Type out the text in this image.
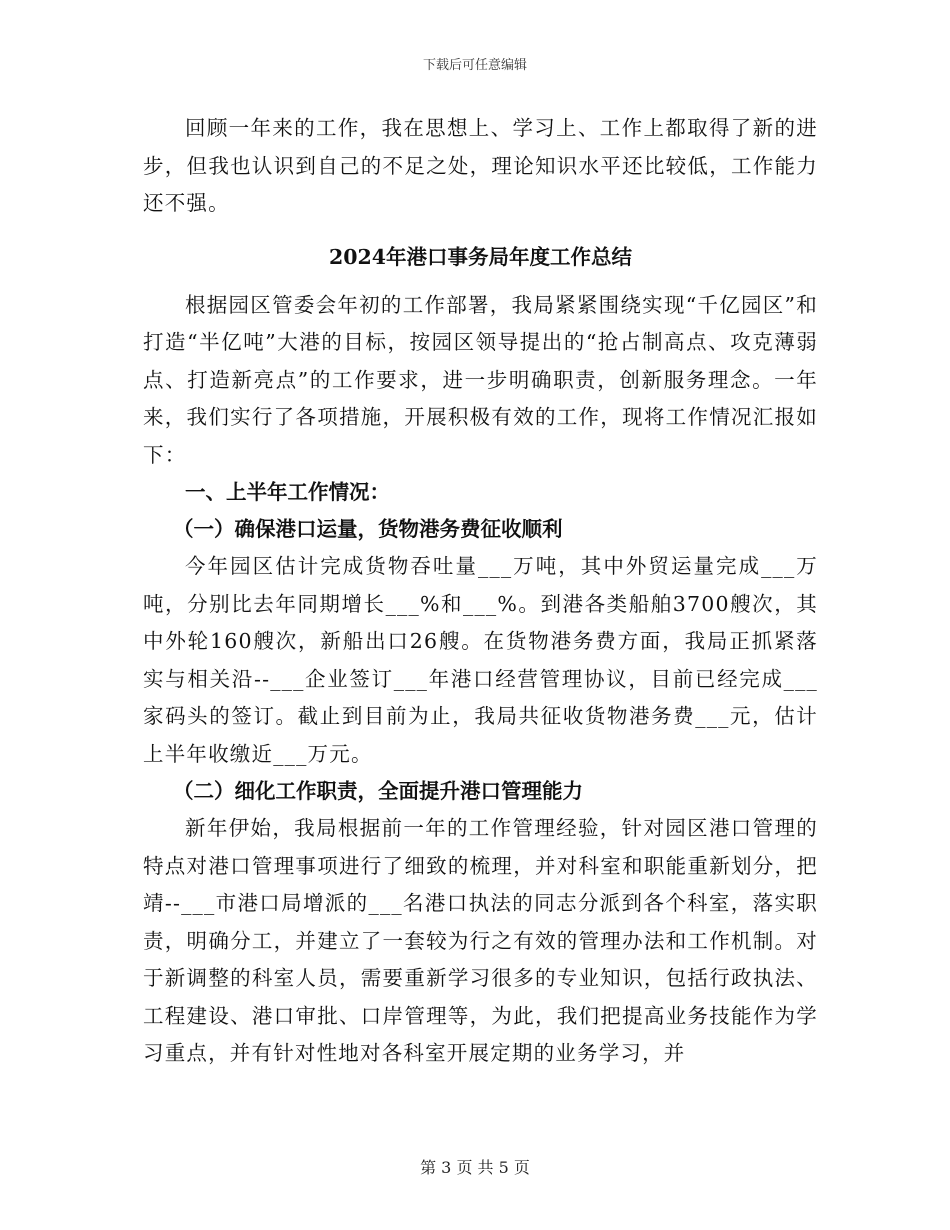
下载后可任意编辑

回顾一年来的工作，我在思想上、学习上、工作上都取得了新的进步，但我也认识到自己的不足之处，理论知识水平还比较低，工作能力还不强。

2024年港口事务局年度工作总结

根据园区管委会年初的工作部署，我局紧紧围绕实现“千亿园区”和打造“半亿吨”大港的目标，按园区领导提出的“抢占制高点、攻克薄弱点、打造新亮点”的工作要求，进一步明确职责，创新服务理念。一年来，我们实行了各项措施，开展积极有效的工作，现将工作情况汇报如下：

一、上半年工作情况：

（一）确保港口运量，货物港务费征收顺利

今年园区估计完成货物吞吐量___万吨，其中外贸运量完成___万吨，分别比去年同期增长___%和___%。到港各类船舶3700艘次，其中外轮160艘次，新船出口26艘。在货物港务费方面，我局正抓紧落实与相关沿--___企业签订___年港口经营管理协议，目前已经完成___家码头的签订。截止到目前为止，我局共征收货物港务费___元，估计上半年收缴近___万元。

（二）细化工作职责，全面提升港口管理能力

新年伊始，我局根据前一年的工作管理经验，针对园区港口管理的特点对港口管理事项进行了细致的梳理，并对科室和职能重新划分，把靖--___市港口局增派的___名港口执法的同志分派到各个科室，落实职责，明确分工，并建立了一套较为行之有效的管理办法和工作机制。对于新调整的科室人员，需要重新学习很多的专业知识，包括行政执法、工程建设、港口审批、口岸管理等，为此，我们把提高业务技能作为学习重点，并有针对性地对各科室开展定期的业务学习，并

第 3 页 共 5 页
